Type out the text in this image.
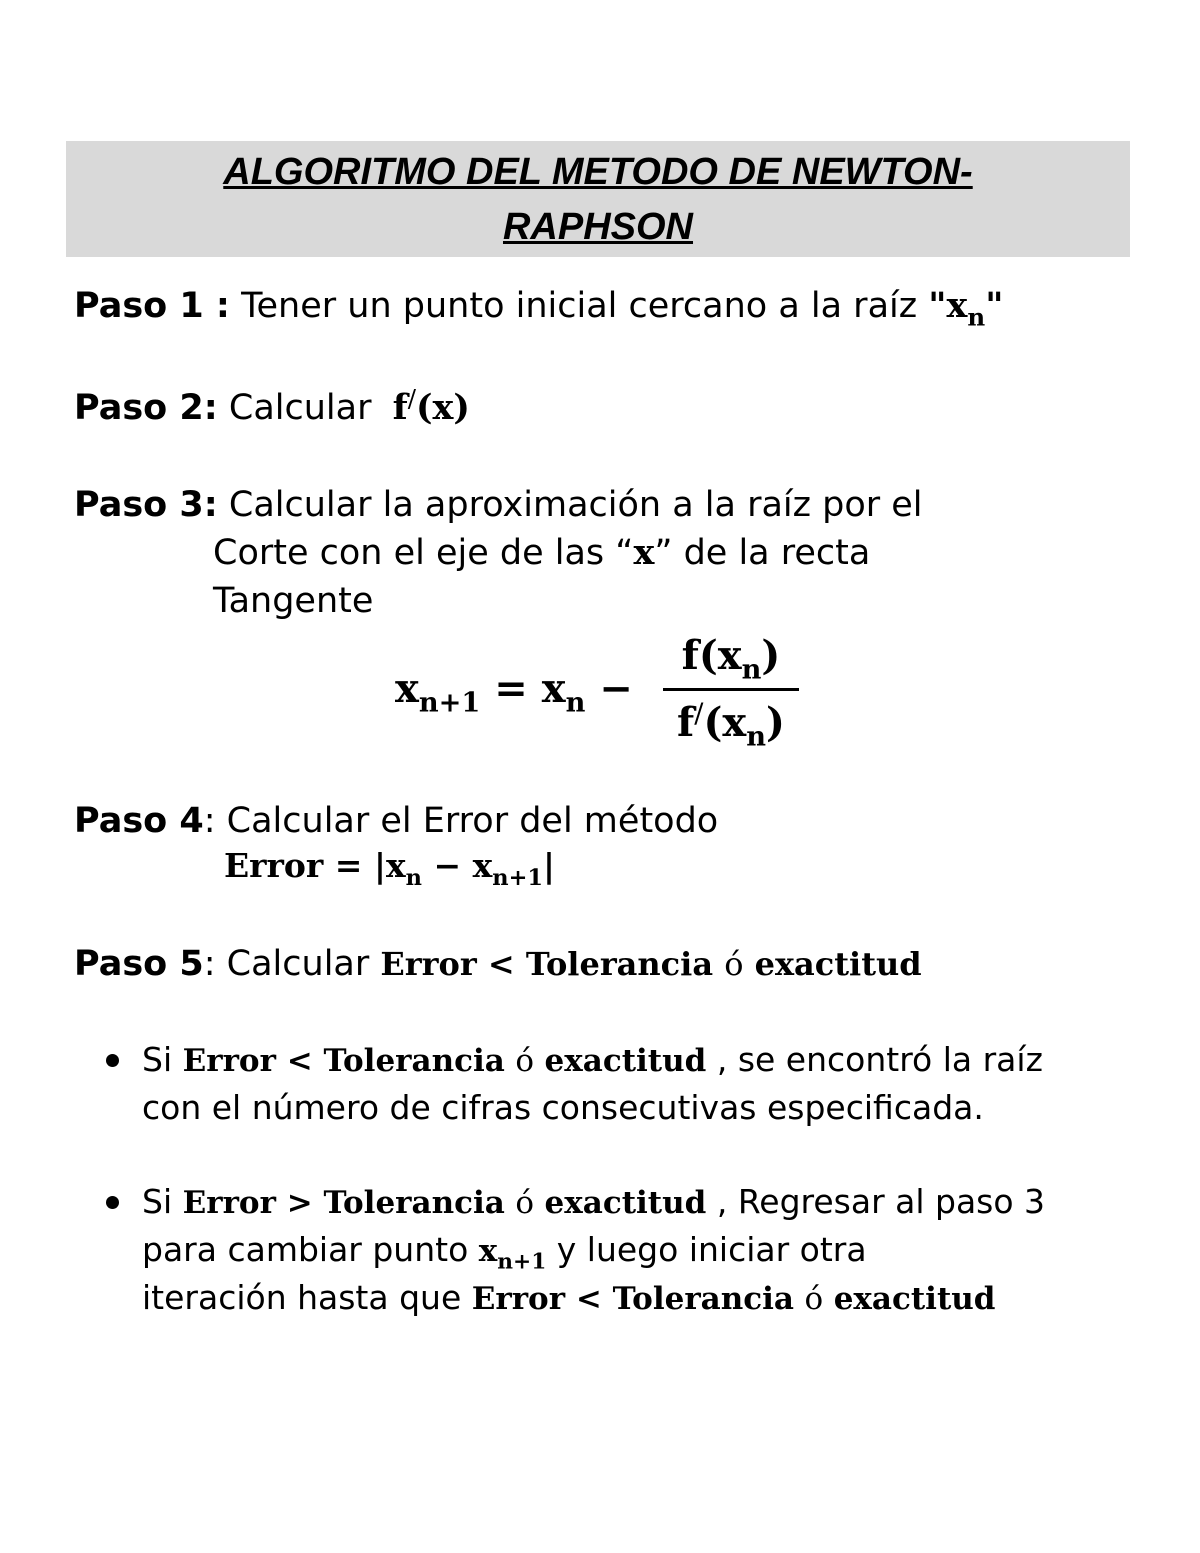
ALGORITMO DEL METODO DE NEWTON-
RAPHSON
Paso 1 : Tener un punto inicial cercano a la raíz "$x_n$"
Paso 2: Calcular f/(x)
Paso 3: Calcular la aproximación a la raíz por el
Corte con el eje de las “x” de la recta
Tangente
$x_{n+1} = x_n$ −
$f(x_n)$
$f^/(x_n)$
Paso 4: Calcular el Error del método
Error = $|x_n - x_{n+1}|$
Paso 5: Calcular Error < Tolerancia ó exactitud
Si Error < Tolerancia ó exactitud , se encontró la raíz
con el número de cifras consecutivas especificada.
Si Error > Tolerancia ó exactitud , Regresar al paso 3
para cambiar punto $x_{n+1}$ y luego iniciar otra
iteración hasta que Error < Tolerancia ó exactitud
